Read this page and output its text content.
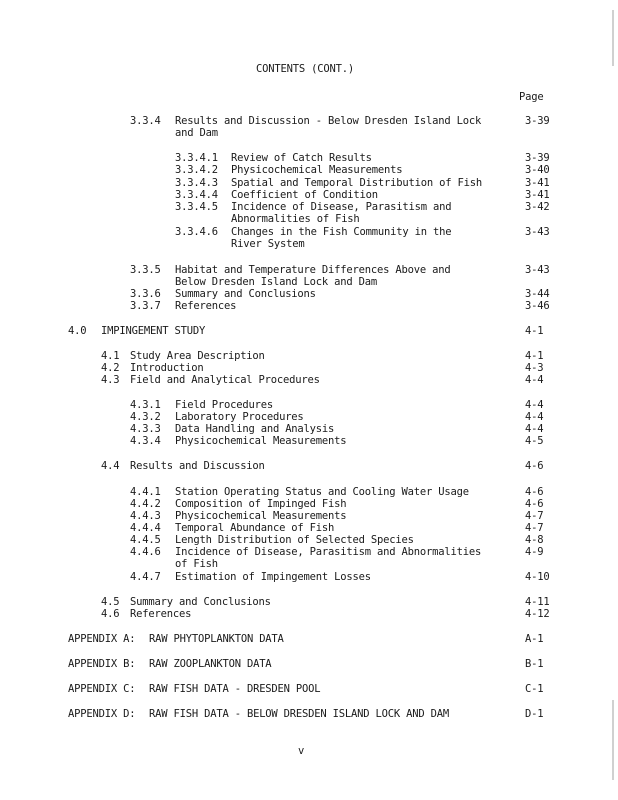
CONTENTS (CONT.)
Page
3.3.4 Results and Discussion - Below Dresden Island Lock	3-39
and Dam
3.3.4.1 Review of Catch Results	3-39
3.3.4.2 Physicochemical Measurements	3-40
3.3.4.3 Spatial and Temporal Distribution of Fish	3-41
3.3.4.4 Coefficient of Condition	3-41
3.3.4.5 Incidence of Disease, Parasitism and	3-42
Abnormalities of Fish
3.3.4.6 Changes in the Fish Community in the	3-43
River System
3.3.5 Habitat and Temperature Differences Above and	3-43
Below Dresden Island Lock and Dam
3.3.6 Summary and Conclusions	3-44
3.3.7 References	3-46
4.0 IMPINGEMENT STUDY	4-1
4.1 Study Area Description	4-1
4.2 Introduction	4-3
4.3 Field and Analytical Procedures	4-4
4.3.1 Field Procedures	4-4
4.3.2 Laboratory Procedures	4-4
4.3.3 Data Handling and Analysis	4-4
4.3.4 Physicochemical Measurements	4-5
4.4 Results and Discussion	4-6
4.4.1 Station Operating Status and Cooling Water Usage	4-6
4.4.2 Composition of Impinged Fish	4-6
4.4.3 Physicochemical Measurements	4-7
4.4.4 Temporal Abundance of Fish	4-7
4.4.5 Length Distribution of Selected Species	4-8
4.4.6 Incidence of Disease, Parasitism and Abnormalities	4-9
of Fish
4.4.7 Estimation of Impingement Losses	4-10
4.5 Summary and Conclusions	4-11
4.6 References	4-12
APPENDIX A: RAW PHYTOPLANKTON DATA	A-1
APPENDIX B: RAW ZOOPLANKTON DATA	B-1
APPENDIX C: RAW FISH DATA - DRESDEN POOL	C-1
APPENDIX D: RAW FISH DATA - BELOW DRESDEN ISLAND LOCK AND DAM	D-1
v
